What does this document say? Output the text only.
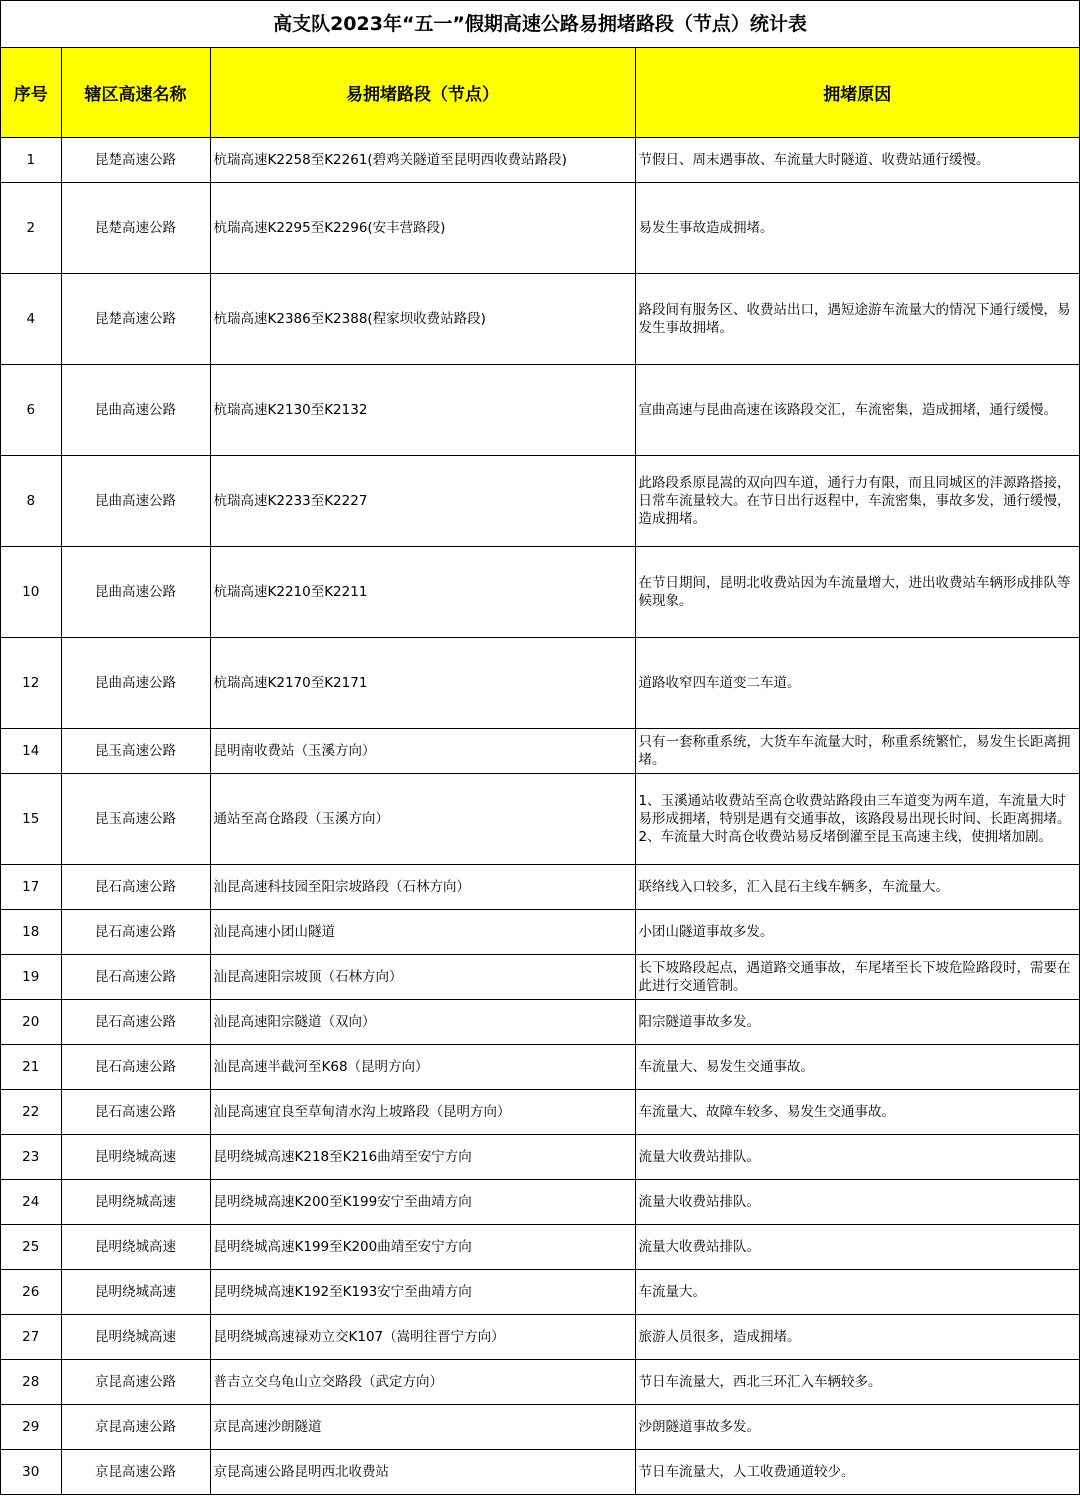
高支队2023年“五一”假期高速公路易拥堵路段（节点）统计表
序号	辖区高速名称	易拥堵路段（节点）	拥堵原因
1	昆楚高速公路	杭瑞高速K2258至K2261(碧鸡关隧道至昆明西收费站路段)	节假日、周末遇事故、车流量大时隧道、收费站通行缓慢。
2	昆楚高速公路	杭瑞高速K2295至K2296(安丰营路段)	易发生事故造成拥堵。
4	昆楚高速公路	杭瑞高速K2386至K2388(程家坝收费站路段)	路段间有服务区、收费站出口，遇短途游车流量大的情况下通行缓慢，易发生事故拥堵。
6	昆曲高速公路	杭瑞高速K2130至K2132	宣曲高速与昆曲高速在该路段交汇，车流密集，造成拥堵，通行缓慢。
8	昆曲高速公路	杭瑞高速K2233至K2227	此路段系原昆嵩的双向四车道，通行力有限，而且同城区的沣源路搭接，日常车流量较大。在节日出行返程中，车流密集，事故多发，通行缓慢，造成拥堵。
10	昆曲高速公路	杭瑞高速K2210至K2211	在节日期间，昆明北收费站因为车流量增大，进出收费站车辆形成排队等候现象。
12	昆曲高速公路	杭瑞高速K2170至K2171	道路收窄四车道变二车道。
14	昆玉高速公路	昆明南收费站（玉溪方向）	只有一套称重系统，大货车车流量大时，称重系统繁忙，易发生长距离拥堵。
15	昆玉高速公路	通站至高仓路段（玉溪方向）	1、玉溪通站收费站至高仓收费站路段由三车道变为两车道，车流量大时易形成拥堵，特别是遇有交通事故，该路段易出现长时间、长距离拥堵。
2、车流量大时高仓收费站易反堵倒灌至昆玉高速主线，使拥堵加剧。
17	昆石高速公路	汕昆高速科技园至阳宗坡路段（石林方向）	联络线入口较多，汇入昆石主线车辆多，车流量大。
18	昆石高速公路	汕昆高速小团山隧道	小团山隧道事故多发。
19	昆石高速公路	汕昆高速阳宗坡顶（石林方向）	长下坡路段起点，遇道路交通事故，车尾堵至长下坡危险路段时，需要在此进行交通管制。
20	昆石高速公路	汕昆高速阳宗隧道（双向）	阳宗隧道事故多发。
21	昆石高速公路	汕昆高速半截河至K68（昆明方向）	车流量大、易发生交通事故。
22	昆石高速公路	汕昆高速宜良至草甸清水沟上坡路段（昆明方向）	车流量大、故障车较多、易发生交通事故。
23	昆明绕城高速	昆明绕城高速K218至K216曲靖至安宁方向	流量大收费站排队。
24	昆明绕城高速	昆明绕城高速K200至K199安宁至曲靖方向	流量大收费站排队。
25	昆明绕城高速	昆明绕城高速K199至K200曲靖至安宁方向	流量大收费站排队。
26	昆明绕城高速	昆明绕城高速K192至K193安宁至曲靖方向	车流量大。
27	昆明绕城高速	昆明绕城高速禄劝立交K107（嵩明往晋宁方向）	旅游人员很多，造成拥堵。
28	京昆高速公路	普吉立交乌龟山立交路段（武定方向）	节日车流量大，西北三环汇入车辆较多。
29	京昆高速公路	京昆高速沙朗隧道	沙朗隧道事故多发。
30	京昆高速公路	京昆高速公路昆明西北收费站	节日车流量大，人工收费通道较少。
